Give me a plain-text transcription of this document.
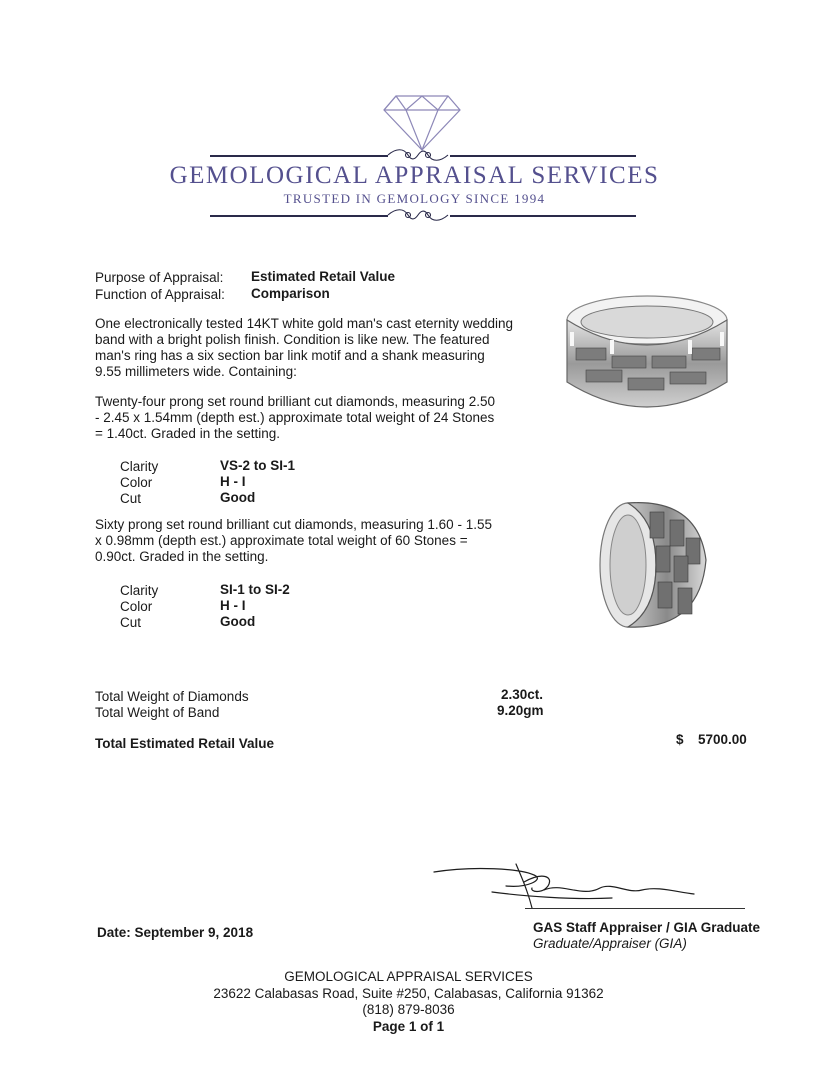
GEMOLOGICAL APPRAISAL SERVICES
TRUSTED IN GEMOLOGY SINCE 1994
Purpose of Appraisal: Estimated Retail Value
Function of Appraisal: Comparison
One electronically tested 14KT white gold man's cast eternity wedding
band with a bright polish finish. Condition is like new. The featured
man's ring has a six section bar link motif and a shank measuring
9.55 millimeters wide. Containing:
Twenty-four prong set round brilliant cut diamonds, measuring 2.50
- 2.45 x 1.54mm (depth est.) approximate total weight of 24 Stones
= 1.40ct. Graded in the setting.
Clarity	VS-2 to SI-1
Color	H - I
Cut	Good
Sixty prong set round brilliant cut diamonds, measuring 1.60 - 1.55
x 0.98mm (depth est.) approximate total weight of 60 Stones =
0.90ct. Graded in the setting.
Clarity	SI-1 to SI-2
Color	H - I
Cut	Good
Total Weight of Diamonds	2.30ct.
Total Weight of Band	9.20gm
Total Estimated Retail Value	$ 5700.00
Date: September 9, 2018	GAS Staff Appraiser / GIA Graduate
Graduate/Appraiser (GIA)
GEMOLOGICAL APPRAISAL SERVICES
23622 Calabasas Road, Suite #250, Calabasas, California 91362
(818) 879-8036
Page 1 of 1
